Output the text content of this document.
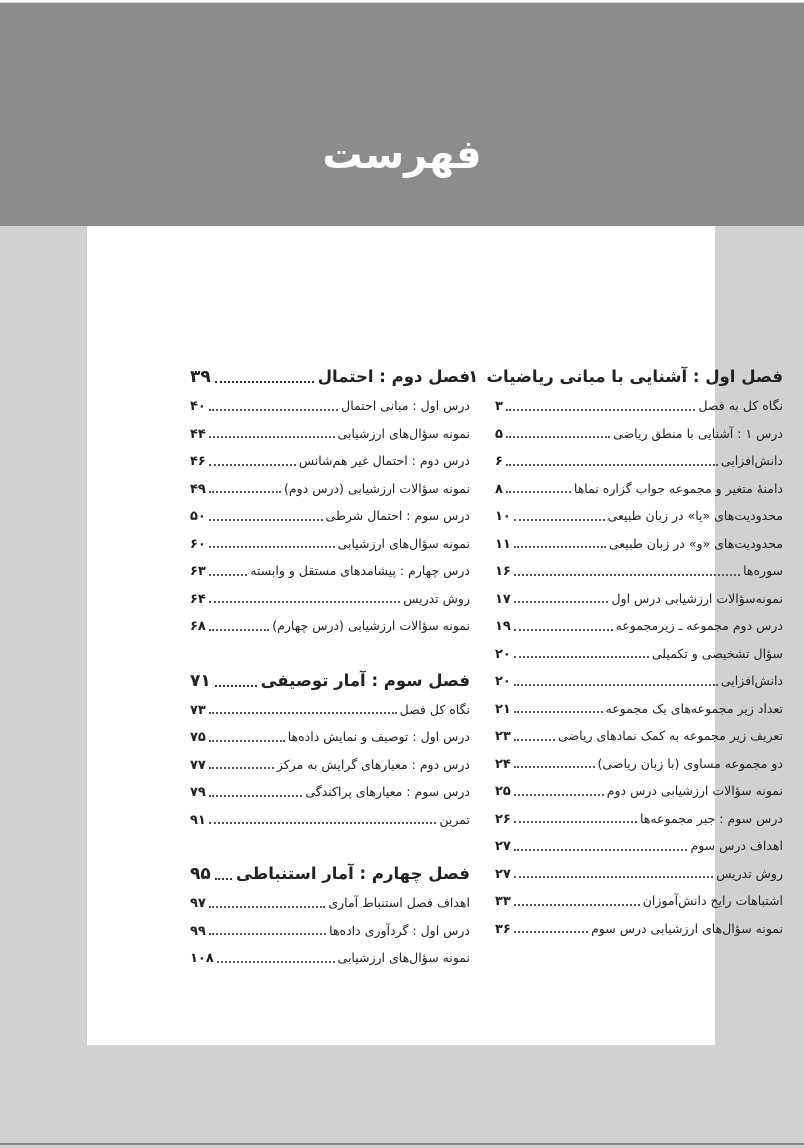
فهرست
فصل اول : آشنایی با مبانی ریاضیات
۱
نگاه کل به فصل
۳
درس ۱ : آشنایی با منطق ریاضی
۵
دانش‌افزایی
۶
دامنهٔ متغیر و مجموعه جواب گزاره نماها
۸
محدودیت‌های «یا» در زبان طبیعی
۱۰
محدودیت‌های «و» در زبان طبیعی
۱۱
سوره‌ها
۱۶
نمونه‌سؤالات ارزشیابی درس اول
۱۷
درس دوم مجموعه ـ زیرمجموعه
۱۹
سؤال تشخیصی و تکمیلی
۲۰
دانش‌افزایی
۲۰
تعداد زیر مجموعه‌های یک مجموعه
۲۱
تعریف زیر مجموعه به کمک نمادهای ریاضی
۲۳
دو مجموعه مساوی (با زبان ریاضی)
۲۴
نمونه سؤالات ارزشیابی درس دوم
۲۵
درس سوم : جبر مجموعه‌ها
۲۶
اهداف درس سوم
۲۷
روش تدریس
۲۷
اشتباهات رایج دانش‌آموزان
۳۳
نمونه سؤال‌های ارزشیابی درس سوم
۳۶
فصل دوم : احتمال
۳۹
درس اول : مبانی احتمال
۴۰
نمونه سؤال‌های ارزشیابی
۴۴
درس دوم : احتمال غیر هم‌شانس
۴۶
نمونه سؤالات ارزشیابی (درس دوم)
۴۹
درس سوم : احتمال شرطی
۵۰
نمونه سؤال‌های ارزشیابی
۶۰
درس چهارم : پیشامدهای مستقل و وابسته
۶۳
روش تدریس
۶۴
نمونه سؤالات ارزشیابی (درس چهارم)
۶۸
فصل سوم : آمار توصیفی
۷۱
نگاه کل فصل
۷۳
درس اول : توصیف و نمایش داده‌ها
۷۵
درس دوم : معیارهای گرایش به مرکز
۷۷
درس سوم : معیارهای پراکندگی
۷۹
تمرین
۹۱
فصل چهارم : آمار استنباطی
۹۵
اهداف فصل استنباط آماری
۹۷
درس اول : گردآوری داده‌ها
۹۹
نمونه سؤال‌های ارزشیابی
۱۰۸
